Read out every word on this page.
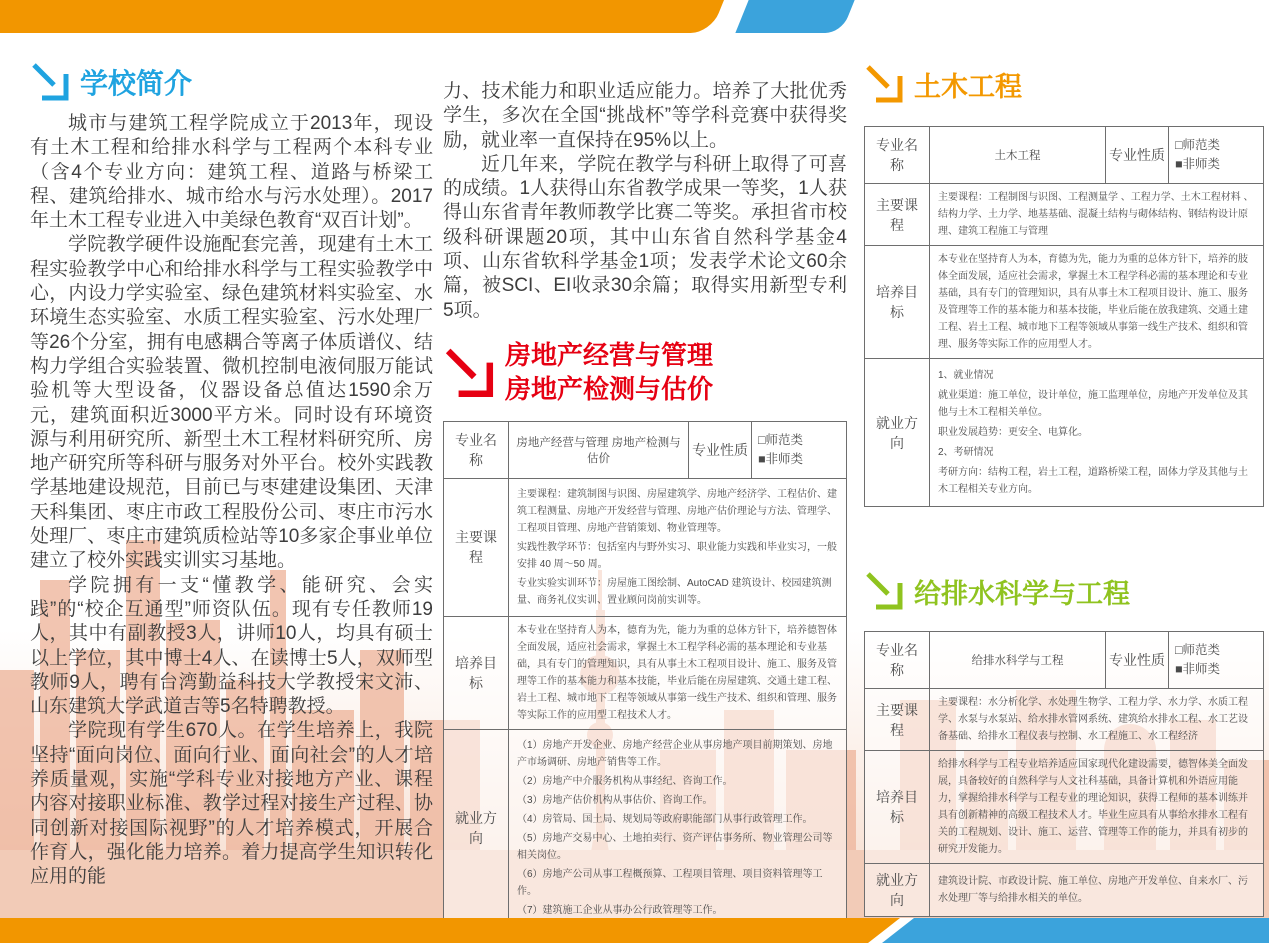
学校简介

城市与建筑工程学院成立于2013年，现设有土木工程和给排水科学与工程两个本科专业（含4个专业方向：建筑工程、道路与桥梁工程、建筑给排水、城市给水与污水处理）。2017年土木工程专业进入中美绿色教育“双百计划”。

学院教学硬件设施配套完善，现建有土木工程实验教学中心和给排水科学与工程实验教学中心，内设力学实验室、绿色建筑材料实验室、水环境生态实验室、水质工程实验室、污水处理厂等26个分室，拥有电感耦合等离子体质谱仪、结构力学组合实验装置、微机控制电液伺服万能试验机等大型设备，仪器设备总值达1590余万元，建筑面积近3000平方米。同时设有环境资源与利用研究所、新型土木工程材料研究所、房地产研究所等科研与服务对外平台。校外实践教学基地建设规范，目前已与枣建建设集团、天津天科集团、枣庄市政工程股份公司、枣庄市污水处理厂、枣庄市建筑质检站等10多家企事业单位建立了校外实践实训实习基地。

学院拥有一支“懂教学、能研究、会实践”的“校企互通型”师资队伍。现有专任教师19人，其中有副教授3人，讲师10人，均具有硕士以上学位，其中博士4人、在读博士5人，双师型教师9人，聘有台湾勤益科技大学教授宋文沛、山东建筑大学武道吉等5名特聘教授。

学院现有学生670人。在学生培养上，我院坚持“面向岗位、面向行业、面向社会”的人才培养质量观，实施“学科专业对接地方产业、课程内容对接职业标准、教学过程对接生产过程、协同创新对接国际视野”的人才培养模式，开展合作育人，强化能力培养。着力提高学生知识转化应用的能

力、技术能力和职业适应能力。培养了大批优秀学生，多次在全国“挑战杯”等学科竞赛中获得奖励，就业率一直保持在95%以上。

近几年来，学院在教学与科研上取得了可喜的成绩。1人获得山东省教学成果一等奖，1人获得山东省青年教师教学比赛二等奖。承担省市校级科研课题20项，其中山东省自然科学基金4项、山东省软科学基金1项；发表学术论文60余篇，被SCI、EI收录30余篇；取得实用新型专利5项。

房地产经营与管理
房地产检测与估价
专业名称	房地产经营与管理 房地产检测与估价	专业性质	□师范类
■非师类

主要课程	主要课程：建筑制图与识图、房屋建筑学、房地产经济学、工程估价、建筑工程测量、房地产开发经营与管理、房地产估价理论与方法、管理学、工程项目管理、房地产营销策划、物业管理等。
实践性教学环节：包括室内与野外实习、职业能力实践和毕业实习，一般安排 40 周～50 周。
专业实验实训环节：房屋施工图绘制、AutoCAD 建筑设计、校园建筑测量、商务礼仪实训、置业顾问岗前实训等。		

培养目标	本专业在坚持育人为本，德育为先，能力为重的总体方针下，培养德智体全面发展，适应社会需求，掌握土木工程学科必需的基本理论和专业基础，具有专门的管理知识，具有从事土木工程项目设计、施工、服务及管理等工作的基本能力和基本技能，毕业后能在房屋建筑、交通土建工程、岩土工程、城市地下工程等领域从事第一线生产技术、组织和管理、服务等实际工作的应用型工程技术人才。		
就业方向	
（1）房地产开发企业、房地产经营企业从事房地产项目前期策划、房地产市场调研、房地产销售等工作。
（2）房地产中介服务机构从事经纪、咨询工作。
（3）房地产估价机构从事估价、咨询工作。
（4）房管局、国土局、规划局等政府职能部门从事行政管理工作。
（5）房地产交易中心、土地拍卖行、资产评估事务所、物业管理公司等相关岗位。
（6）房地产公司从事工程概预算、工程项目管理、项目资料管理等工作。
（7）建筑施工企业从事办公行政管理等工作。
土木工程
专业名称	土木工程	专业性质	□师范类
■非师类

主要课程	主要课程：工程制图与识图、工程测量学 、工程力学、土木工程材料 、结构力学、土力学、地基基础、混凝土结构与砌体结构、钢结构设计原理、建筑工程施工与管理		
培养目标	本专业在坚持育人为本，育德为先，能力为重的总体方针下，培养的肢体全面发展，适应社会需求，掌握土木工程学科必需的基本理论和专业基础，具有专门的管理知识，具有从事土木工程项目设计、施工、服务及管理等工作的基本能力和基本技能，毕业后能在放我建筑、交通土建工程、岩土工程、城市地下工程等领域从事第一线生产技术、组织和管理、服务等实际工作的应用型人才。		
就业方向	1、就业情况
就业渠道：施工单位，设计单位，施工监理单位，房地产开发单位及其他与土木工程相关单位。
职业发展趋势：更安全、电算化。
2、考研情况
考研方向：结构工程，岩土工程，道路桥梁工程，固体力学及其他与土木工程相关专业方向。		
给排水科学与工程
专业名称	给排水科学与工程	专业性质	□师范类
■非师类

主要课程	主要课程：水分析化学、水处理生物学、工程力学、水力学、水质工程学、水泵与水泵站、给水排水管网系统、建筑给水排水工程、水工艺设备基础、给排水工程仪表与控制、水工程施工、水工程经济		
培养目标	给排水科学与工程专业培养适应国家现代化建设需要，德智体美全面发展，具备较好的自然科学与人文社科基础，具备计算机和外语应用能力，掌握给排水科学与工程专业的理论知识，获得工程师的基本训练并具有创新精神的高级工程技术人才。毕业生应具有从事给水排水工程有关的工程规划、设计、施工、运营、管理等工作的能力，并具有初步的研究开发能力。		
就业方向	建筑设计院、市政设计院、施工单位、房地产开发单位、自来水厂、污水处理厂等与给排水相关的单位。		
